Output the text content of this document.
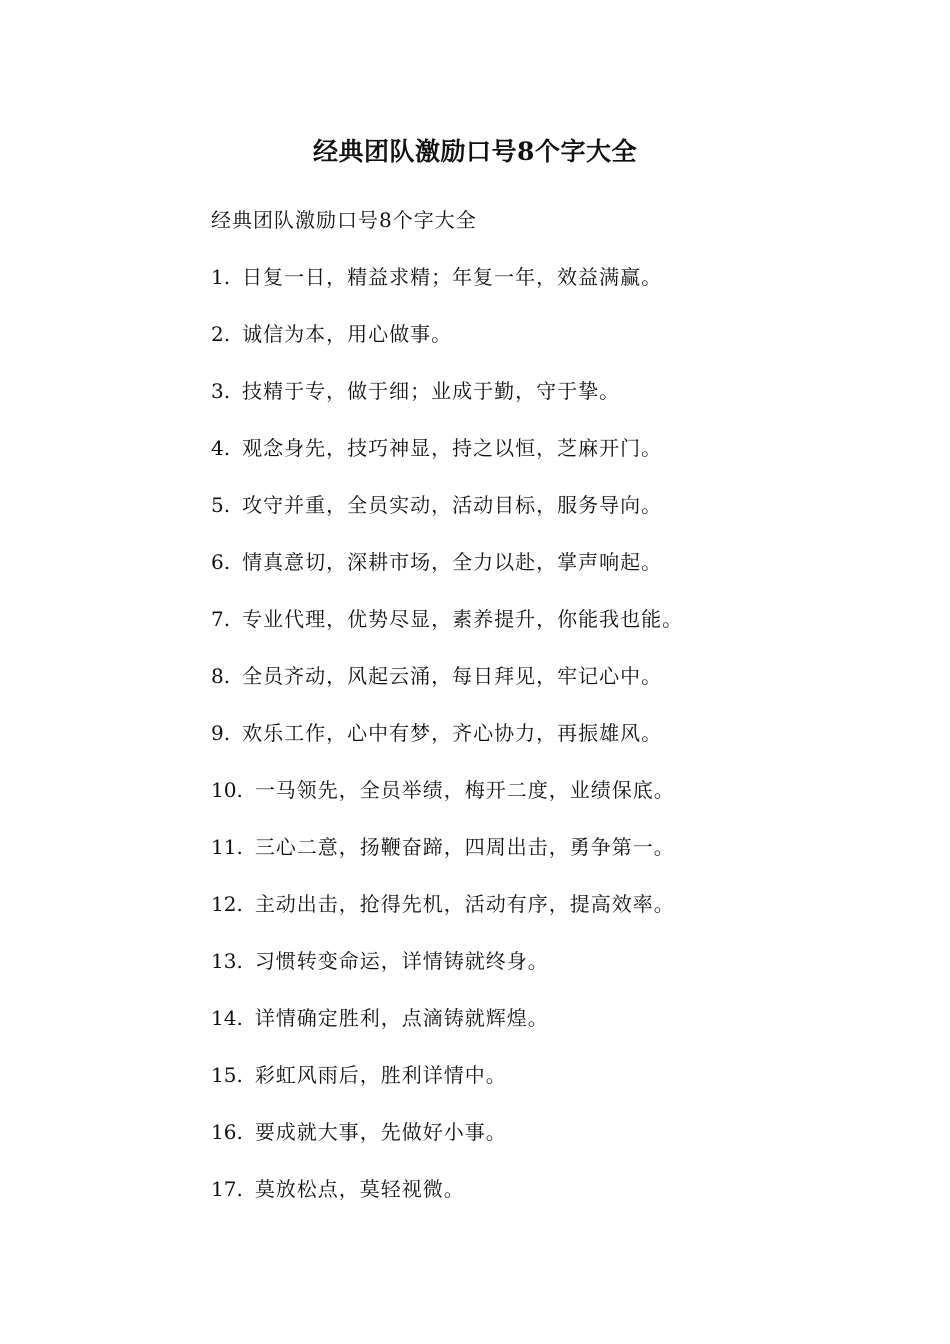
经典团队激励口号8个字大全
经典团队激励口号8个字大全
1. 日复一日，精益求精；年复一年，效益满赢。
2. 诚信为本，用心做事。
3. 技精于专，做于细；业成于勤，守于挚。
4. 观念身先，技巧神显，持之以恒，芝麻开门。
5. 攻守并重，全员实动，活动目标，服务导向。
6. 情真意切，深耕市场，全力以赴，掌声响起。
7. 专业代理，优势尽显，素养提升，你能我也能。
8. 全员齐动，风起云涌，每日拜见，牢记心中。
9. 欢乐工作，心中有梦，齐心协力，再振雄风。
10. 一马领先，全员举绩，梅开二度，业绩保底。
11. 三心二意，扬鞭奋蹄，四周出击，勇争第一。
12. 主动出击，抢得先机，活动有序，提高效率。
13. 习惯转变命运，详情铸就终身。
14. 详情确定胜利，点滴铸就辉煌。
15. 彩虹风雨后，胜利详情中。
16. 要成就大事，先做好小事。
17. 莫放松点，莫轻视微。
